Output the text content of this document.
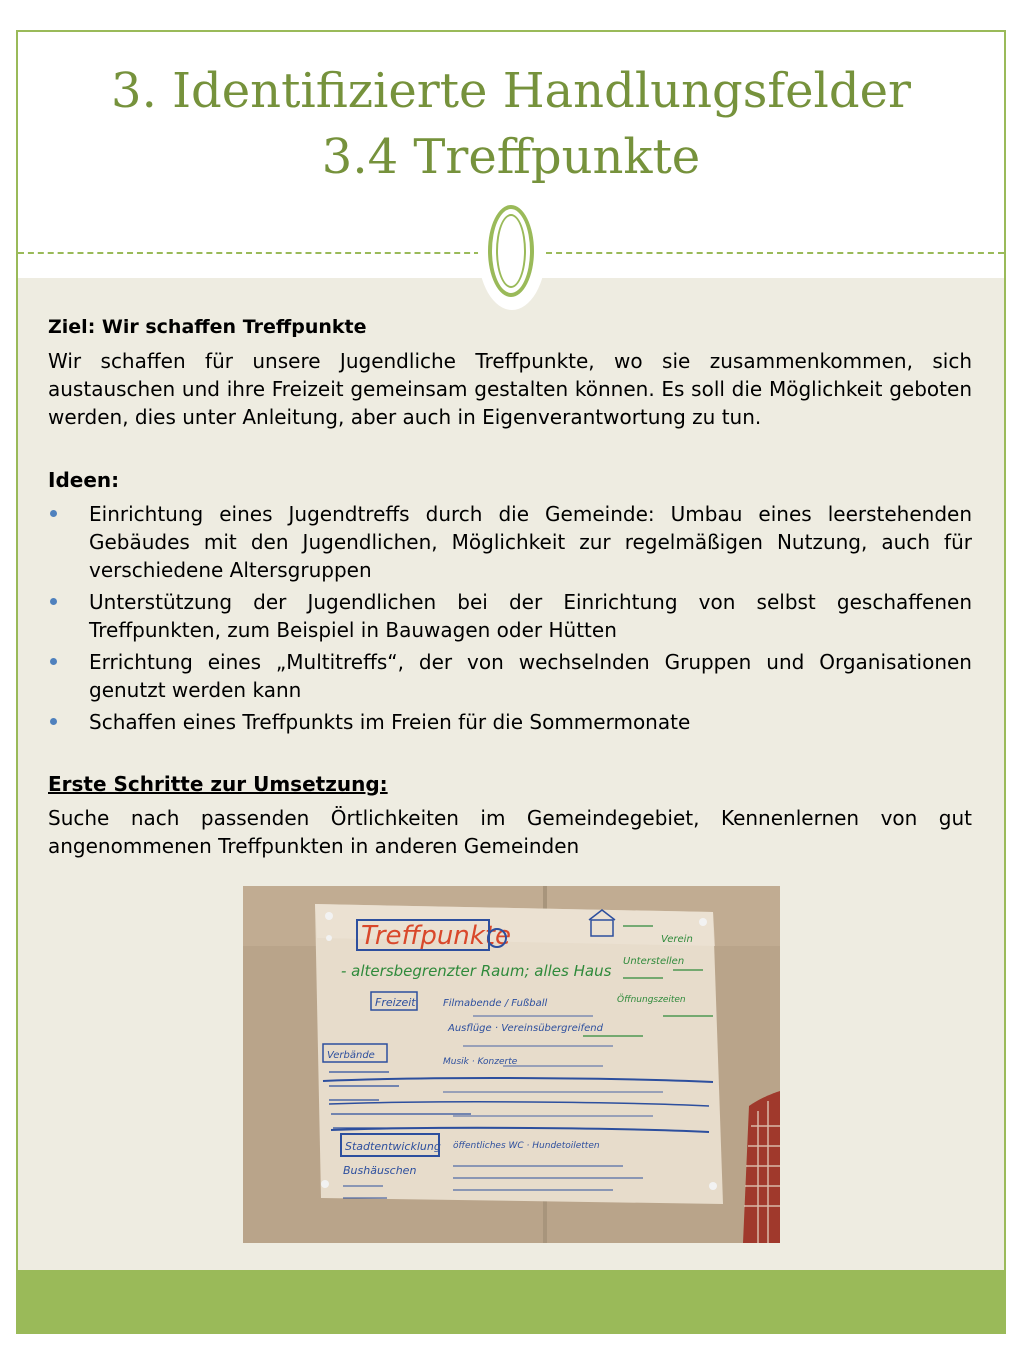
3. Identifizierte Handlungsfelder
3.4 Treffpunkte

Ziel: Wir schaffen Treffpunkte

Wir schaffen für unsere Jugendliche Treffpunkte, wo sie zusammenkommen, sich austauschen und ihre Freizeit gemeinsam gestalten können. Es soll die Möglichkeit geboten werden, dies unter Anleitung, aber auch in Eigenverantwortung zu tun.

Ideen:

Einrichtung eines Jugendtreffs durch die Gemeinde: Umbau eines leerstehenden Gebäudes mit den Jugendlichen, Möglichkeit zur regelmäßigen Nutzung, auch für verschiedene Altersgruppen
Unterstützung der Jugendlichen bei der Einrichtung von selbst geschaffenen Treffpunkten, zum Beispiel in Bauwagen oder Hütten
Errichtung eines „Multitreffs“, der von wechselnden Gruppen und Organisationen genutzt werden kann
Schaffen eines Treffpunkts im Freien für die Sommermonate

Erste Schritte zur Umsetzung:

Suche nach passenden Örtlichkeiten im Gemeindegebiet, Kennenlernen von gut angenommenen Treffpunkten in anderen Gemeinden

Treffpunkte
- altersbegrenzter Raum; alles Haus
Freizeit	Filmabende / Fußball
Ausflüge · Vereinsübergreifend
Musik · Konzerte
Verbände
Stadtentwicklung öffentliches WC · Hundetoiletten
Bushäuschen
Unterstellen
Öffnungszeiten
Verein
